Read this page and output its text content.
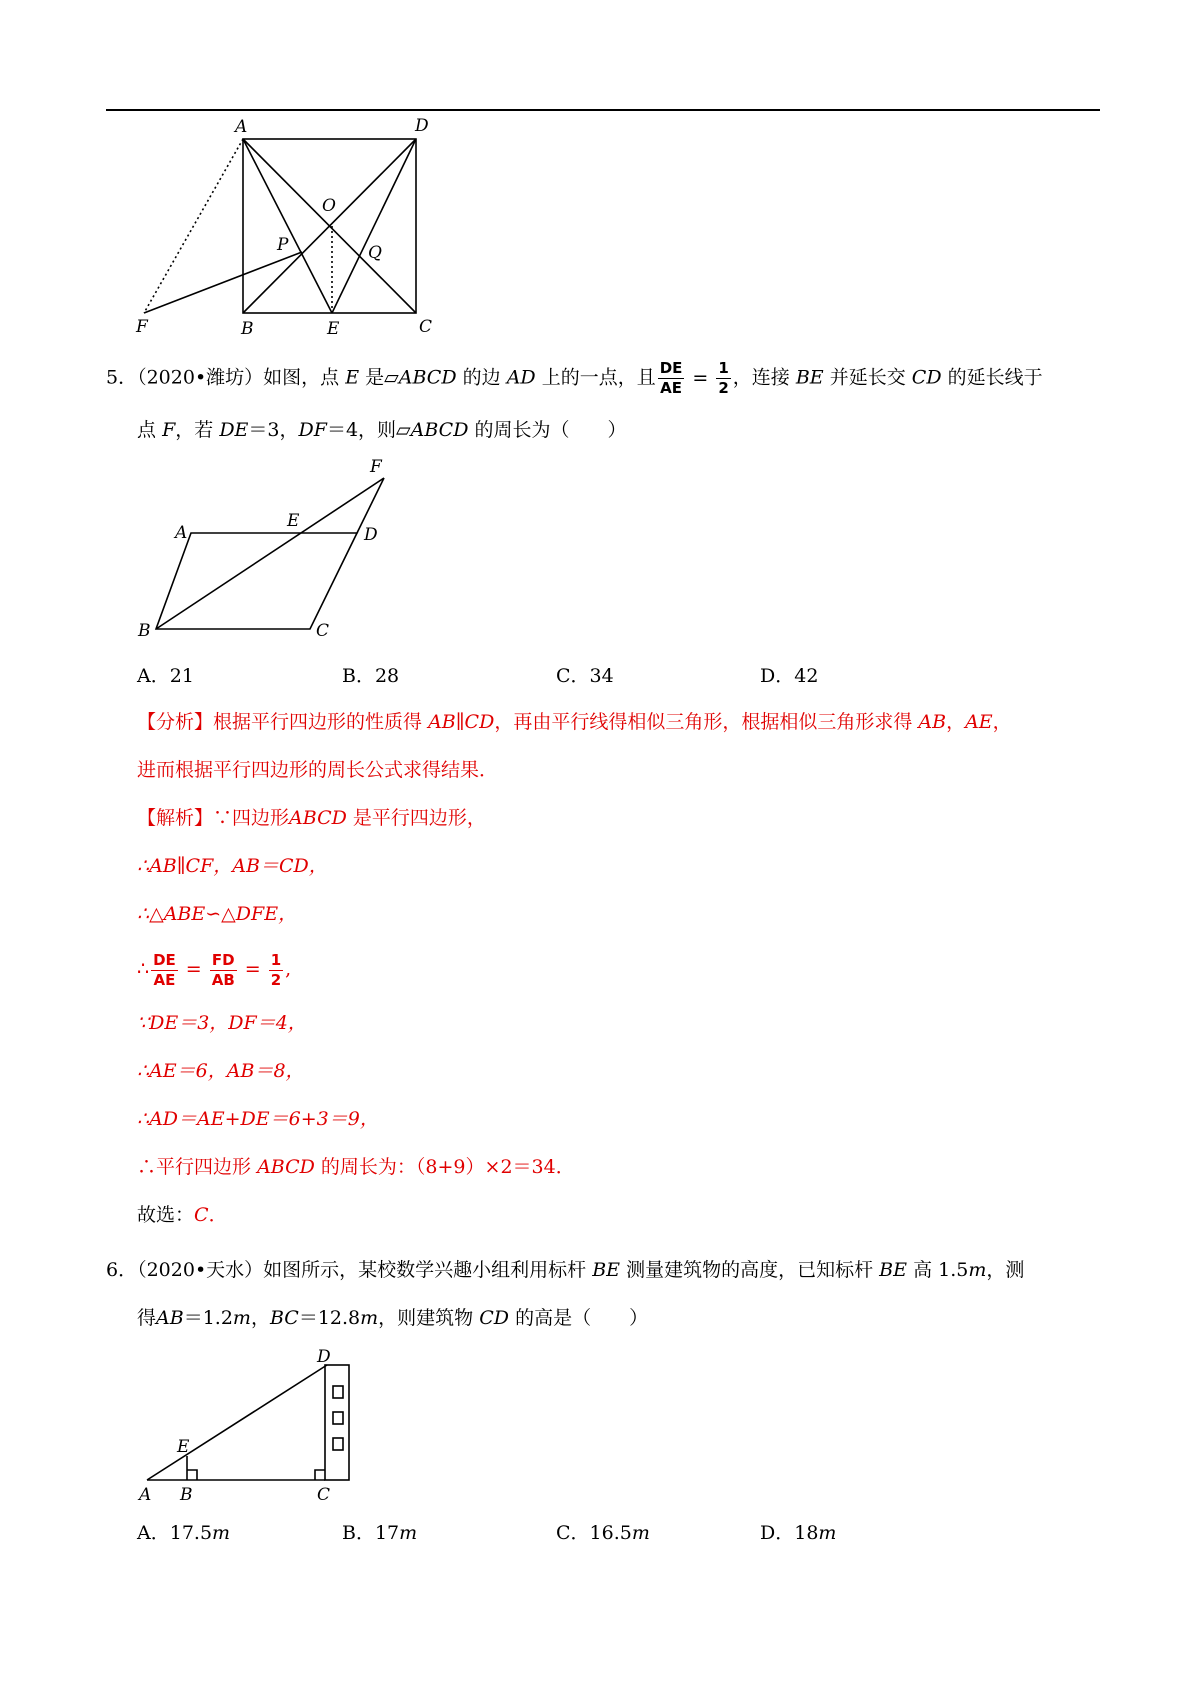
A	D
O
P	Q
F	B	E	C
5．（2020•潍坊）如图，点 E 是▱ABCD 的边 AD 上的一点，且 $\frac{DE}{AE} = \frac{1}{2}$ ，连接 BE 并延长交 CD 的延长线于
点 F，若 DE＝3，DF＝4，则▱ABCD 的周长为（　　）
A
E
D
F
B	C
A．21	B．28	C．34	D．42
【分析】根据平行四边形的性质得 AB∥CD，再由平行线得相似三角形，根据相似三角形求得 AB，AE，
进而根据平行四边形的周长公式求得结果．
【解析】∵四边形ABCD 是平行四边形，
∴AB∥CF，AB＝CD，
∴△ABE∽△DFE，
∴ $\frac{DE}{AE} = \frac{FD}{AB} = \frac{1}{2}$ ,
∵DE＝3，DF＝4，
∴AE＝6，AB＝8，
∴AD＝AE+DE＝6+3＝9，
∴平行四边形 ABCD 的周长为：（8+9）×2＝34．
故选：C．
6．（2020•天水）如图所示，某校数学兴趣小组利用标杆 BE 测量建筑物的高度，已知标杆 BE 高 1.5m，测
得AB＝1.2m，BC＝12.8m，则建筑物 CD 的高是（　　）
D
E
A B	C
A．17.5m	B．17m	C．16.5m	D．18m
